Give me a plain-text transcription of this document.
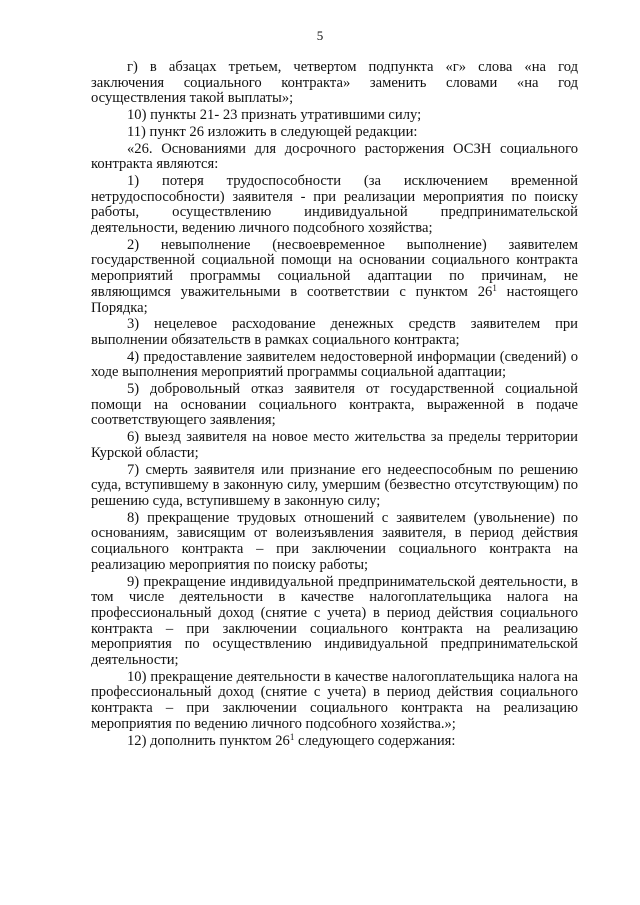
5

г) в абзацах третьем, четвертом подпункта «г» слова «на год заключения социального контракта» заменить словами «на год осуществления такой выплаты»;

10) пункты 21- 23 признать утратившими силу;

11) пункт 26 изложить в следующей редакции:

«26. Основаниями для досрочного расторжения ОСЗН социального контракта являются:

1) потеря трудоспособности (за исключением временной нетрудоспособности) заявителя - при реализации мероприятия по поиску работы, осуществлению индивидуальной предпринимательской деятельности, ведению личного подсобного хозяйства;

2) невыполнение (несвоевременное выполнение) заявителем государственной социальной помощи на основании социального контракта мероприятий программы социальной адаптации по причинам, не являющимся уважительными в соответствии с пунктом $26^1$ настоящего Порядка;

3) нецелевое расходование денежных средств заявителем при выполнении обязательств в рамках социального контракта;

4) предоставление заявителем недостоверной информации (сведений) о ходе выполнения мероприятий программы социальной адаптации;

5) добровольный отказ заявителя от государственной социальной помощи на основании социального контракта, выраженной в подаче соответствующего заявления;

6) выезд заявителя на новое место жительства за пределы территории Курской области;

7) смерть заявителя или признание его недееспособным по решению суда, вступившему в законную силу, умершим (безвестно отсутствующим) по решению суда, вступившему в законную силу;

8) прекращение трудовых отношений с заявителем (увольнение) по основаниям, зависящим от волеизъявления заявителя, в период действия социального контракта – при заключении социального контракта на реализацию мероприятия по поиску работы;

9) прекращение индивидуальной предпринимательской деятельности, в том числе деятельности в качестве налогоплательщика налога на профессиональный доход (снятие с учета) в период действия социального контракта – при заключении социального контракта на реализацию мероприятия по осуществлению индивидуальной предпринимательской деятельности;

10) прекращение деятельности в качестве налогоплательщика налога на профессиональный доход (снятие с учета) в период действия социального контракта – при заключении социального контракта на реализацию мероприятия по ведению личного подсобного хозяйства.»;

12) дополнить пунктом $26^1$ следующего содержания:
